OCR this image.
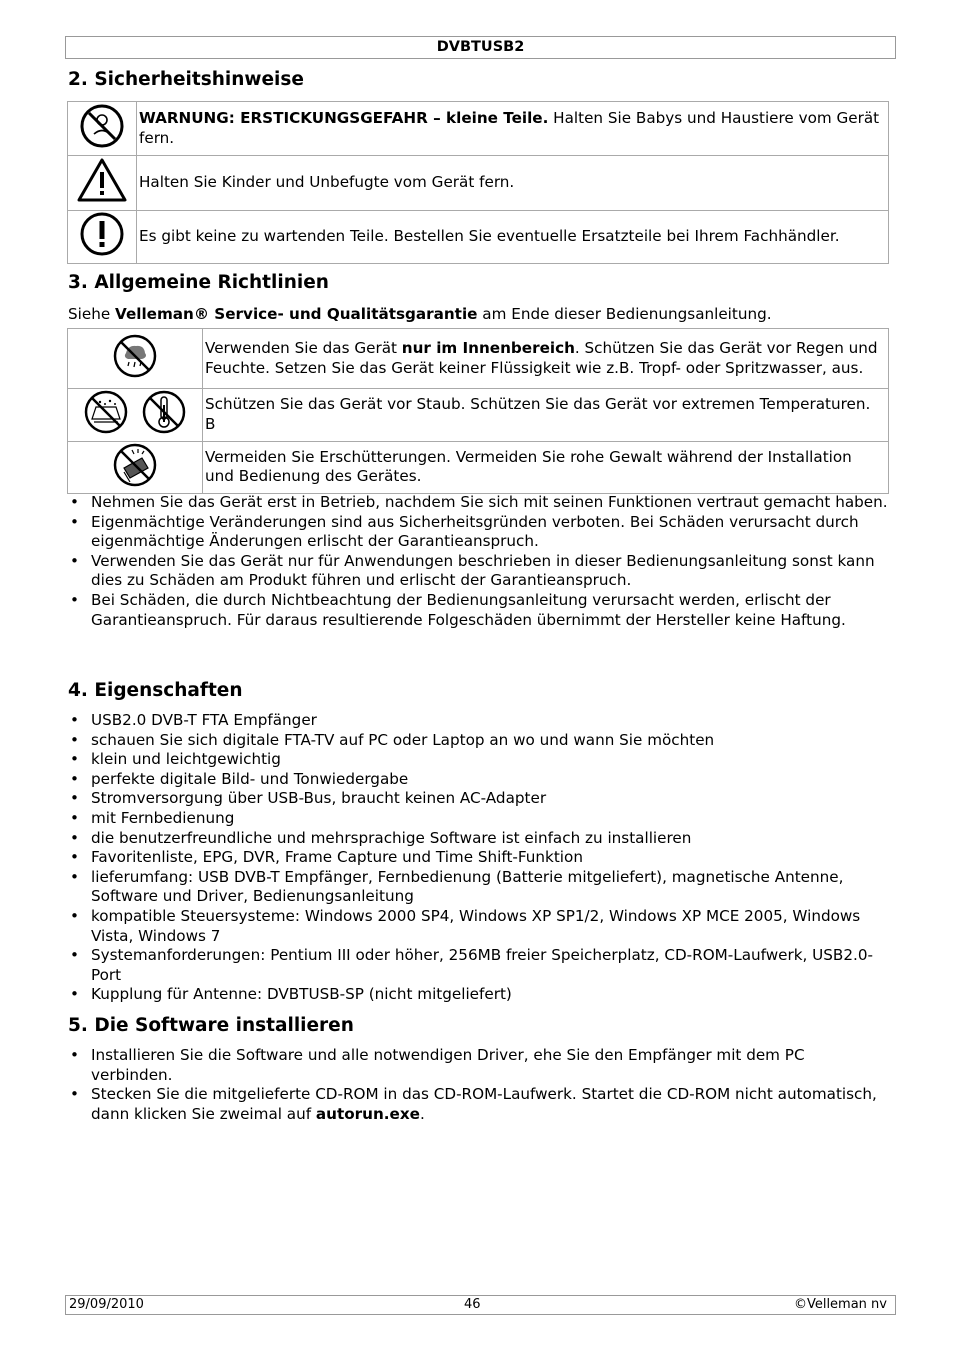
DVBTUSB2
2. Sicherheitshinweise
	WARNUNG: ERSTICKUNGSGEFAHR – kleine Teile. Halten Sie Babys und Haustiere vom Gerät fern.
	Halten Sie Kinder und Unbefugte vom Gerät fern.
	Es gibt keine zu wartenden Teile. Bestellen Sie eventuelle Ersatzteile bei Ihrem Fachhändler.
3. Allgemeine Richtlinien

Siehe Velleman® Service- und Qualitätsgarantie am Ende dieser Bedienungsanleitung.

	Verwenden Sie das Gerät nur im Innenbereich. Schützen Sie das Gerät vor Regen und Feuchte. Setzen Sie das Gerät keiner Flüssigkeit wie z.B. Tropf- oder Spritzwasser, aus.
	Schützen Sie das Gerät vor Staub. Schützen Sie das Gerät vor extremen Temperaturen. B
	Vermeiden Sie Erschütterungen. Vermeiden Sie rohe Gewalt während der Installation und Bedienung des Gerätes.
• Nehmen Sie das Gerät erst in Betrieb, nachdem Sie sich mit seinen Funktionen vertraut gemacht haben.
• Eigenmächtige Veränderungen sind aus Sicherheitsgründen verboten. Bei Schäden verursacht durch eigenmächtige Änderungen erlischt der Garantieanspruch.
• Verwenden Sie das Gerät nur für Anwendungen beschrieben in dieser Bedienungsanleitung sonst kann dies zu Schäden am Produkt führen und erlischt der Garantieanspruch.
• Bei Schäden, die durch Nichtbeachtung der Bedienungsanleitung verursacht werden, erlischt der Garantieanspruch. Für daraus resultierende Folgeschäden übernimmt der Hersteller keine Haftung.
4. Eigenschaften
• USB2.0 DVB-T FTA Empfänger
• schauen Sie sich digitale FTA-TV auf PC oder Laptop an wo und wann Sie möchten
• klein und leichtgewichtig
• perfekte digitale Bild- und Tonwiedergabe
• Stromversorgung über USB-Bus, braucht keinen AC-Adapter
• mit Fernbedienung
• die benutzerfreundliche und mehrsprachige Software ist einfach zu installieren
• Favoritenliste, EPG, DVR, Frame Capture und Time Shift-Funktion
• lieferumfang: USB DVB-T Empfänger, Fernbedienung (Batterie mitgeliefert), magnetische Antenne, Software und Driver, Bedienungsanleitung
• kompatible Steuersysteme: Windows 2000 SP4, Windows XP SP1/2, Windows XP MCE 2005, Windows Vista, Windows 7
• Systemanforderungen: Pentium III oder höher, 256MB freier Speicherplatz, CD-ROM-Laufwerk, USB2.0-Port
• Kupplung für Antenne: DVBTUSB-SP (nicht mitgeliefert)
5. Die Software installieren
• Installieren Sie die Software und alle notwendigen Driver, ehe Sie den Empfänger mit dem PC verbinden.
• Stecken Sie die mitgelieferte CD-ROM in das CD-ROM-Laufwerk. Startet die CD-ROM nicht automatisch, dann klicken Sie zweimal auf autorun.exe.
29/09/2010	46	©Velleman nv
